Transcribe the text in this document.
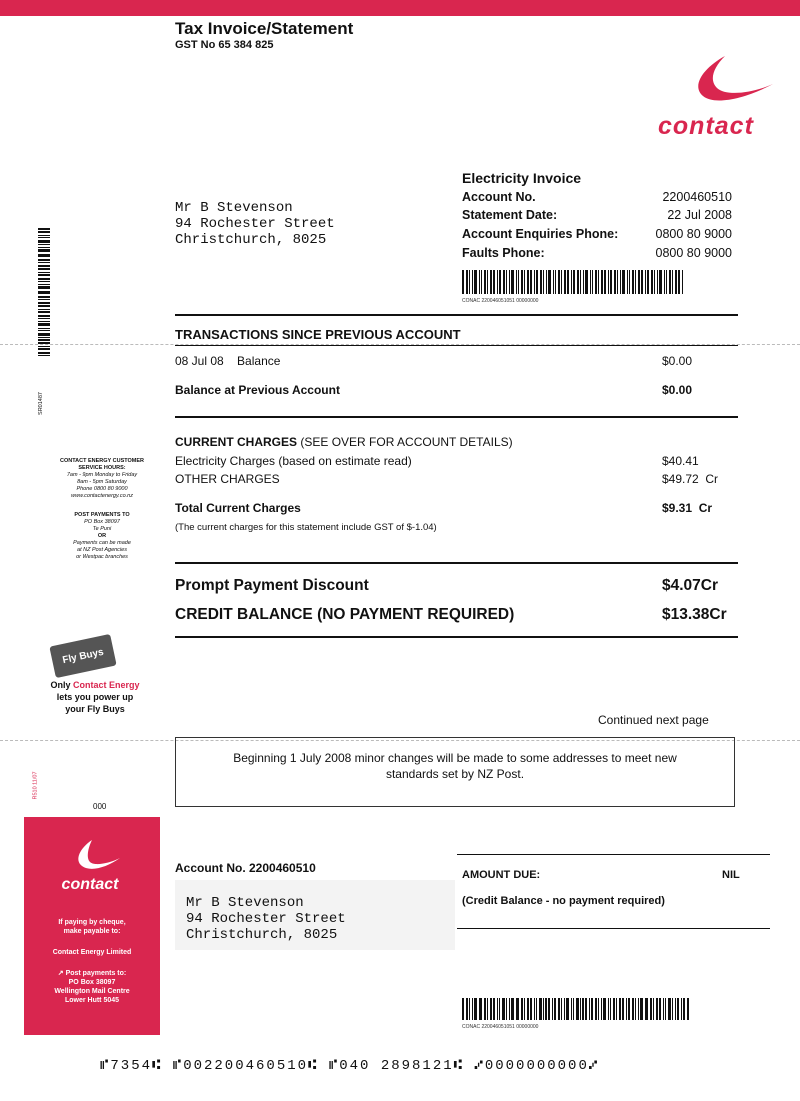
Tax Invoice/Statement
GST No 65 384 825
contact
Mr B Stevenson
94 Rochester Street
Christchurch, 8025
Electricity Invoice
Account No.	2200460510
Statement Date:	22 Jul 2008
Account Enquiries Phone:	0800 80 9000
Faults Phone:	0800 80 9000
CONAC 220046051051 00000000
TRANSACTIONS SINCE PREVIOUS ACCOUNT
08 Jul 08 Balance	$0.00
Balance at Previous Account	$0.00
CURRENT CHARGES (SEE OVER FOR ACCOUNT DETAILS)
Electricity Charges (based on estimate read)	$40.41
OTHER CHARGES	$49.72 Cr
Total Current Charges	$9.31 Cr
(The current charges for this statement include GST of $-1.04)
Prompt Payment Discount	$4.07Cr
CREDIT BALANCE (NO PAYMENT REQUIRED)	$13.38Cr
Continued next page
Beginning 1 July 2008 minor changes will be made to some addresses to meet new
standards set by NZ Post.
SR01487
CONTACT ENERGY CUSTOMER SERVICE HOURS:
7am - 9pm Monday to Friday
8am - 5pm Saturday
Phone 0800 80 9000
www.contactenergy.co.nz
POST PAYMENTS TO
PO Box 38097
Te Puni
OR
Payments can be made
at NZ Post Agencies
or Westpac branches
Fly Buys
Only Contact Energy
lets you power up
your Fly Buys
R510 11/07
000
contact
If paying by cheque,
make payable to:
Contact Energy Limited
↗ Post payments to:
PO Box 38097
Wellington Mail Centre
Lower Hutt 5045
Account No. 2200460510
Mr B Stevenson
94 Rochester Street
Christchurch, 8025
AMOUNT DUE:	NIL
(Credit Balance - no payment required)
CONAC 220046051051 00000000
⑈7354⑆ ⑈002200460510⑆ ⑈040 2898121⑆ ⑇0000000000⑇
